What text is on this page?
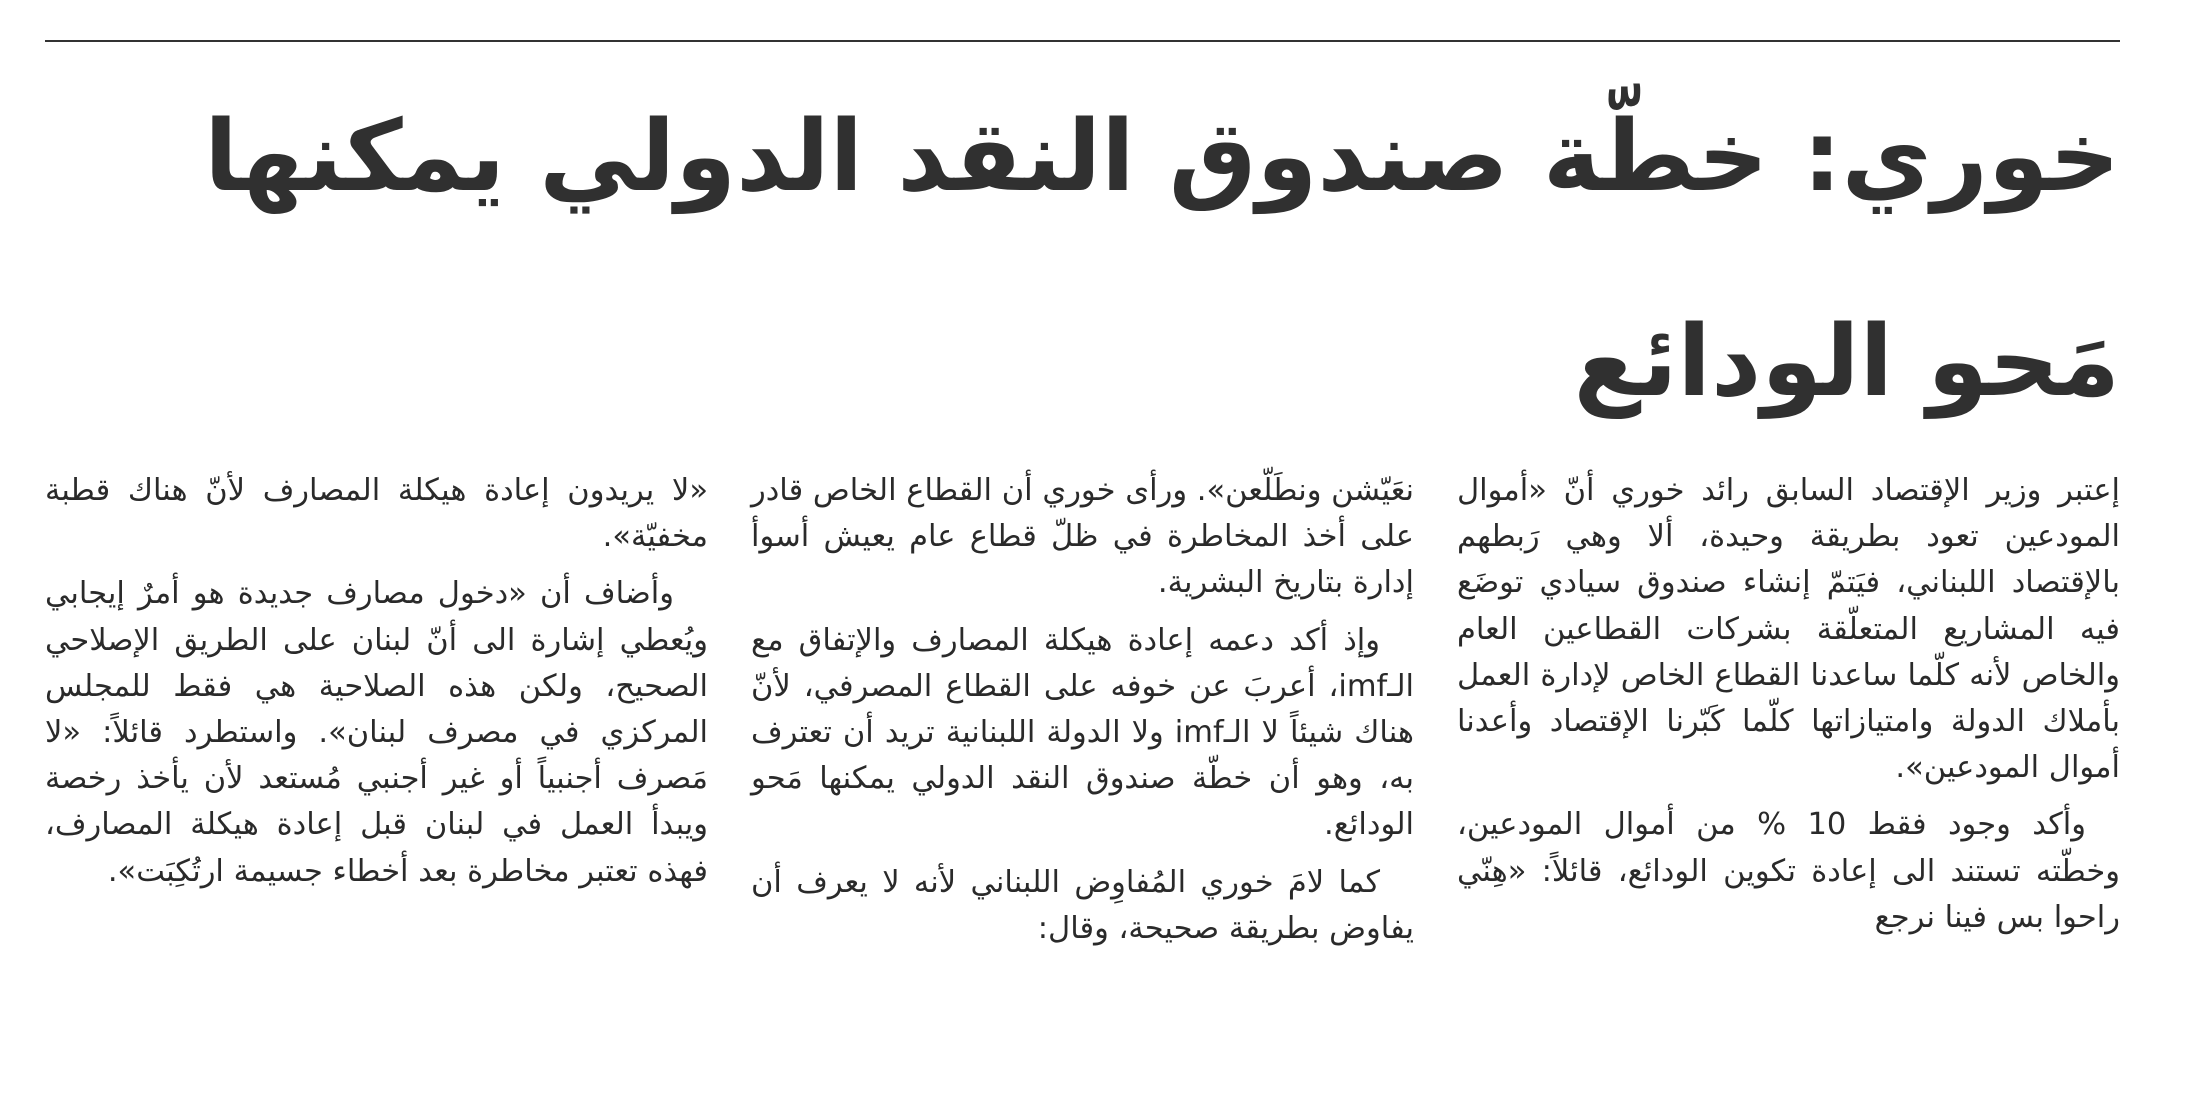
خوري: خطّة صندوق النقد الدولي يمكنها مَحو الودائع

إعتبر وزير الإقتصاد السابق رائد خوري أنّ «أموال المودعين تعود بطريقة وحيدة، ألا وهي رَبطهم بالإقتصاد اللبناني، فيَتمّ إنشاء صندوق سيادي توضَع فيه المشاريع المتعلّقة بشركات القطاعين العام والخاص لأنه كلّما ساعدنا القطاع الخاص لإدارة العمل بأملاك الدولة وامتيازاتها كلّما كَبّرنا الإقتصاد وأعدنا أموال المودعين».

وأكد وجود فقط 10 % من أموال المودعين، وخطّته تستند الى إعادة تكوين الودائع، قائلاً: «هِنّي راحوا بس فينا نرجع

نعَيّشن ونطَلّعن». ورأى خوري أن القطاع الخاص قادر على أخذ المخاطرة في ظلّ قطاع عام يعيش أسوأ إدارة بتاريخ البشرية.

وإذ أكد دعمه إعادة هيكلة المصارف والإتفاق مع الـimf، أعربَ عن خوفه على القطاع المصرفي، لأنّ هناك شيئاً لا الـimf ولا الدولة اللبنانية تريد أن تعترف به، وهو أن خطّة صندوق النقد الدولي يمكنها مَحو الودائع.

كما لامَ خوري المُفاوِض اللبناني لأنه لا يعرف أن يفاوض بطريقة صحيحة، وقال:

«لا يريدون إعادة هيكلة المصارف لأنّ هناك قطبة مخفيّة».

وأضاف أن «دخول مصارف جديدة هو أمرٌ إيجابي ويُعطي إشارة الى أنّ لبنان على الطريق الإصلاحي الصحيح، ولكن هذه الصلاحية هي فقط للمجلس المركزي في مصرف لبنان». واستطرد قائلاً: «لا مَصرف أجنبياً أو غير أجنبي مُستعد لأن يأخذ رخصة ويبدأ العمل في لبنان قبل إعادة هيكلة المصارف، فهذه تعتبر مخاطرة بعد أخطاء جسيمة ارتُكِبَت».
